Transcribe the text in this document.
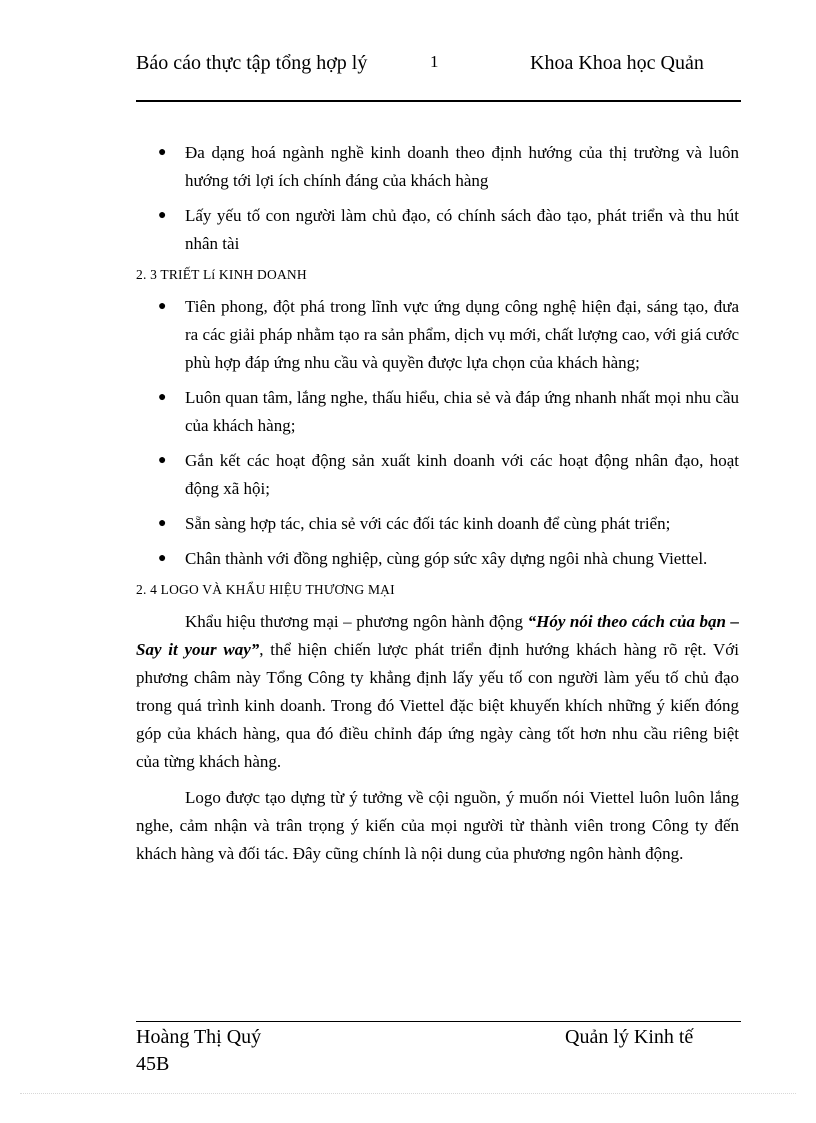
Báo cáo thực tập tổng hợp lý	1	Khoa Khoa học Quản
● Đa dạng hoá ngành nghề kinh doanh theo định hướng của thị trường và luôn hướng tới lợi ích chính đáng của khách hàng
● Lấy yếu tố con người làm chủ đạo, có chính sách đào tạo, phát triển và thu hút nhân tài
2. 3 TRIẾT Lí KINH DOANH
● Tiên phong, đột phá trong lĩnh vực ứng dụng công nghệ hiện đại, sáng tạo, đưa ra các giải pháp nhằm tạo ra sản phẩm, dịch vụ mới, chất lượng cao, với giá cước phù hợp đáp ứng nhu cầu và quyền được lựa chọn của khách hàng;
● Luôn quan tâm, lắng nghe, thấu hiểu, chia sẻ và đáp ứng nhanh nhất mọi nhu cầu của khách hàng;
● Gắn kết các hoạt động sản xuất kinh doanh với các hoạt động nhân đạo, hoạt động xã hội;
● Sẵn sàng hợp tác, chia sẻ với các đối tác kinh doanh để cùng phát triển;
● Chân thành với đồng nghiệp, cùng góp sức xây dựng ngôi nhà chung Viettel.
2. 4 LOGO VÀ KHẨU HIỆU THƯƠNG MẠI

Khẩu hiệu thương mại – phương ngôn hành động “Hóy nói theo cách của bạn – Say it your way”, thể hiện chiến lược phát triển định hướng khách hàng rõ rệt. Với phương châm này Tổng Công ty khẳng định lấy yếu tố con người làm yếu tố chủ đạo trong quá trình kinh doanh. Trong đó Viettel đặc biệt khuyến khích những ý kiến đóng góp của khách hàng, qua đó điều chỉnh đáp ứng ngày càng tốt hơn nhu cầu riêng biệt của từng khách hàng.

Logo được tạo dựng từ ý tưởng về cội nguồn, ý muốn nói Viettel luôn luôn lắng nghe, cảm nhận và trân trọng ý kiến của mọi người từ thành viên trong Công ty đến khách hàng và đối tác. Đây cũng chính là nội dung của phương ngôn hành động.

Hoàng Thị Quý 45B
Quản lý Kinh tế
